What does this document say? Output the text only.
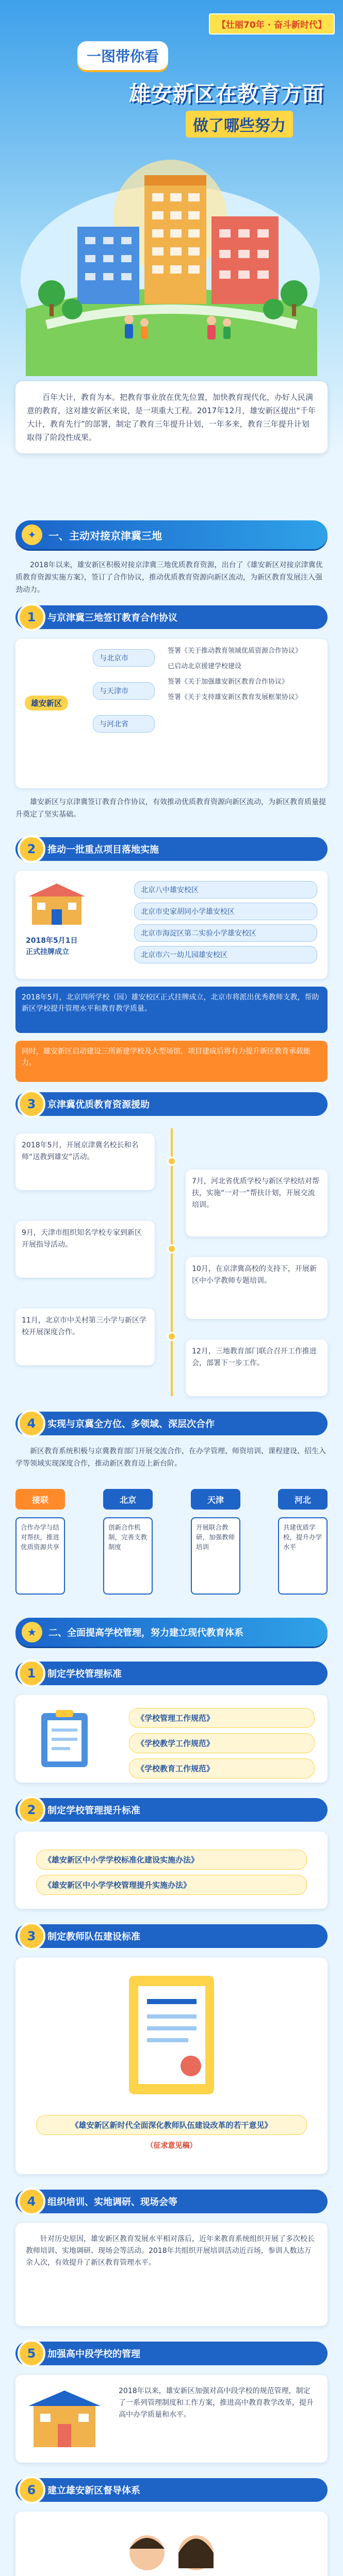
【壮丽70年 · 奋斗新时代】
一图带你看
雄安新区在教育方面
做了哪些努力

百年大计，教育为本。把教育事业放在优先位置，加快教育现代化，办好人民满意的教育，这对雄安新区来说，是一项重大工程。2017年12月，雄安新区提出“千年大计，教育先行”的部署，制定了教育三年提升计划，一年多来，教育三年提升计划取得了阶段性成果。

✦	一、主动对接京津冀三地

2018年以来，雄安新区积极对接京津冀三地优质教育资源，出台了《雄安新区对接京津冀优质教育资源实施方案》，签订了合作协议，推动优质教育资源向新区流动，为新区教育发展注入强劲动力。

1	与京津冀三地签订教育合作协议
雄安新区
与北京市
与天津市
与河北省

签署《关于推动教育领域优质资源合作协议》

已启动北京援建学校建设

签署《关于加强雄安新区教育合作协议》

签署《关于支持雄安新区教育发展框架协议》

雄安新区与京津冀签订教育合作协议，有效推动优质教育资源向新区流动，为新区教育质量提升奠定了坚实基础。

2	推动一批重点项目落地实施

2018年5月1日

正式挂牌成立

北京八中雄安校区
北京市史家胡同小学雄安校区
北京市海淀区第二实验小学雄安校区
北京市六一幼儿园雄安校区

2018年5月，北京四所学校（园）雄安校区正式挂牌成立，北京市将派出优秀教师支教，帮助新区学校提升管理水平和教育教学质量。

同时，雄安新区启动建设三所新建学校及大型场馆，项目建成后将有力提升新区教育承载能力。

3	京津冀优质教育资源援助

2018年5月，开展京津冀名校长和名师“送教到雄安”活动。

7月，河北省优质学校与新区学校结对帮扶，实施“一对一”帮扶计划，开展交流培训。

9月，天津市组织知名学校专家到新区开展指导活动。

10月，在京津冀高校的支持下，开展新区中小学教师专题培训。

11月，北京市中关村第三小学与新区学校开展深度合作。

12月，三地教育部门联合召开工作推进会，部署下一步工作。

4	实现与京冀全方位、多领域、深层次合作

新区教育系统积极与京冀教育部门开展交流合作，在办学管理、师资培训、课程建设、招生入学等领域实现深度合作，推动新区教育迈上新台阶。

接联	北京	天津	河北
合作办学与结对帮扶，推进优质资源共享
创新合作机制，完善支教制度
开展联合教研，加强教师培训
共建优质学校，提升办学水平
★	二、全面提高学校管理，努力建立现代教育体系
1	制定学校管理标准
《学校管理工作规范》
《学校教学工作规范》
《学校教育工作规范》
2	制定学校管理提升标准
《雄安新区中小学学校标准化建设实施办法》
《雄安新区中小学学校管理提升实施办法》
3	制定教师队伍建设标准
《雄安新区新时代全面深化教师队伍建设改革的若干意见》

（征求意见稿）

4	组织培训、实地调研、现场会等

针对历史原因，雄安新区教育发展水平相对落后，近年来教育系统组织开展了多次校长教师培训、实地调研、现场会等活动。2018年共组织开展培训活动近百场，参训人数达万余人次，有效提升了新区教育管理水平。

5	加强高中段学校的管理

2018年以来，雄安新区加强对高中段学校的规范管理，制定了一系列管理制度和工作方案，推进高中教育教学改革，提升高中办学质量和水平。

6	建立雄安新区督导体系
